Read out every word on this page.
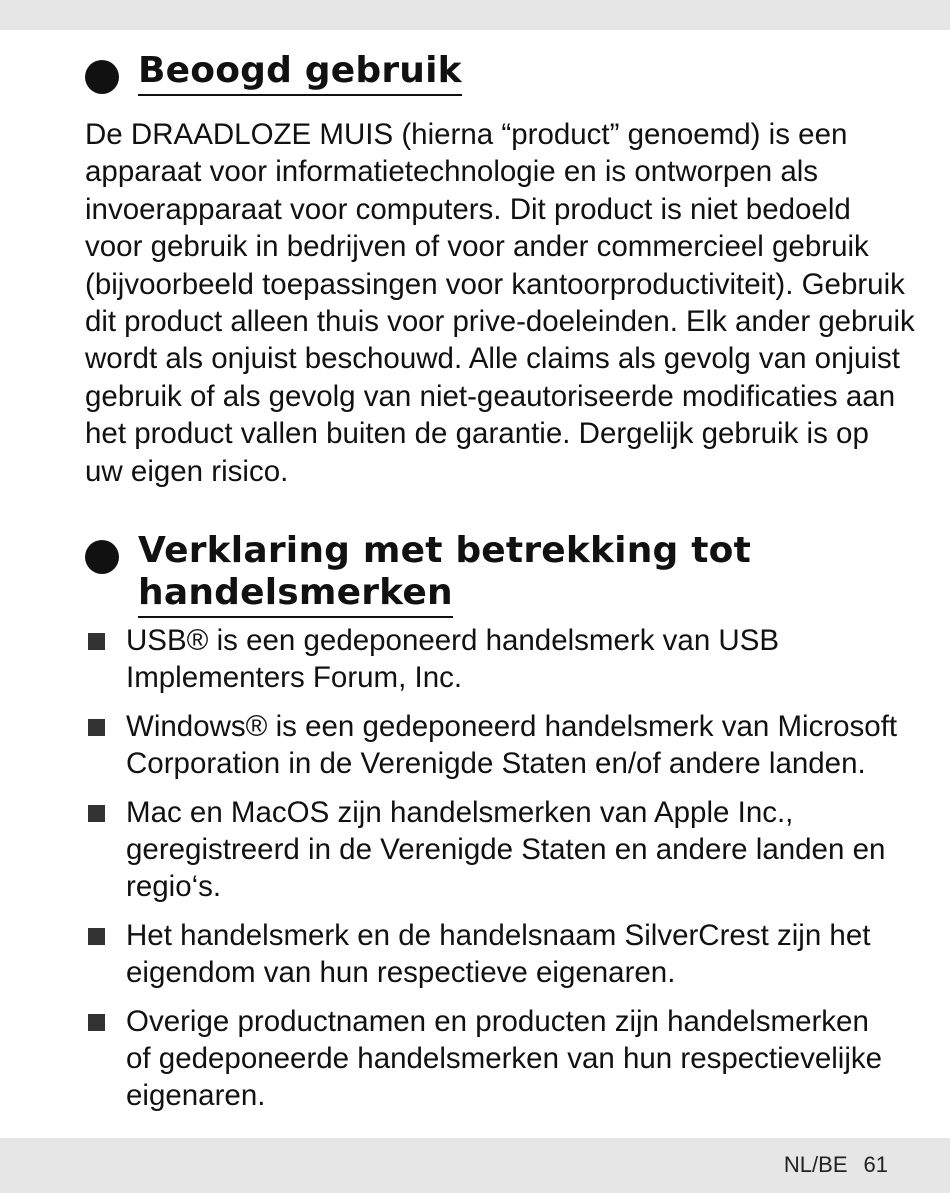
Beoogd gebruik
De DRAADLOZE MUIS (hierna “product” genoemd) is een
apparaat voor informatietechnologie en is ontworpen als
invoerapparaat voor computers. Dit product is niet bedoeld
voor gebruik in bedrijven of voor ander commercieel gebruik
(bijvoorbeeld toepassingen voor kantoorproductiviteit). Gebruik
dit product alleen thuis voor prive-doeleinden. Elk ander gebruik
wordt als onjuist beschouwd. Alle claims als gevolg van onjuist
gebruik of als gevolg van niet-geautoriseerde modificaties aan
het product vallen buiten de garantie. Dergelijk gebruik is op
uw eigen risico.
Verklaring met betrekking tot
handelsmerken
USB® is een gedeponeerd handelsmerk van USB
Implementers Forum, Inc.
Windows® is een gedeponeerd handelsmerk van Microsoft
Corporation in de Verenigde Staten en/of andere landen.
Mac en MacOS zijn handelsmerken van Apple Inc.,
geregistreerd in de Verenigde Staten en andere landen en
regio‘s.
Het handelsmerk en de handelsnaam SilverCrest zijn het
eigendom van hun respectieve eigenaren.
Overige productnamen en producten zijn handelsmerken
of gedeponeerde handelsmerken van hun respectievelijke
eigenaren.
NL/BE 61
